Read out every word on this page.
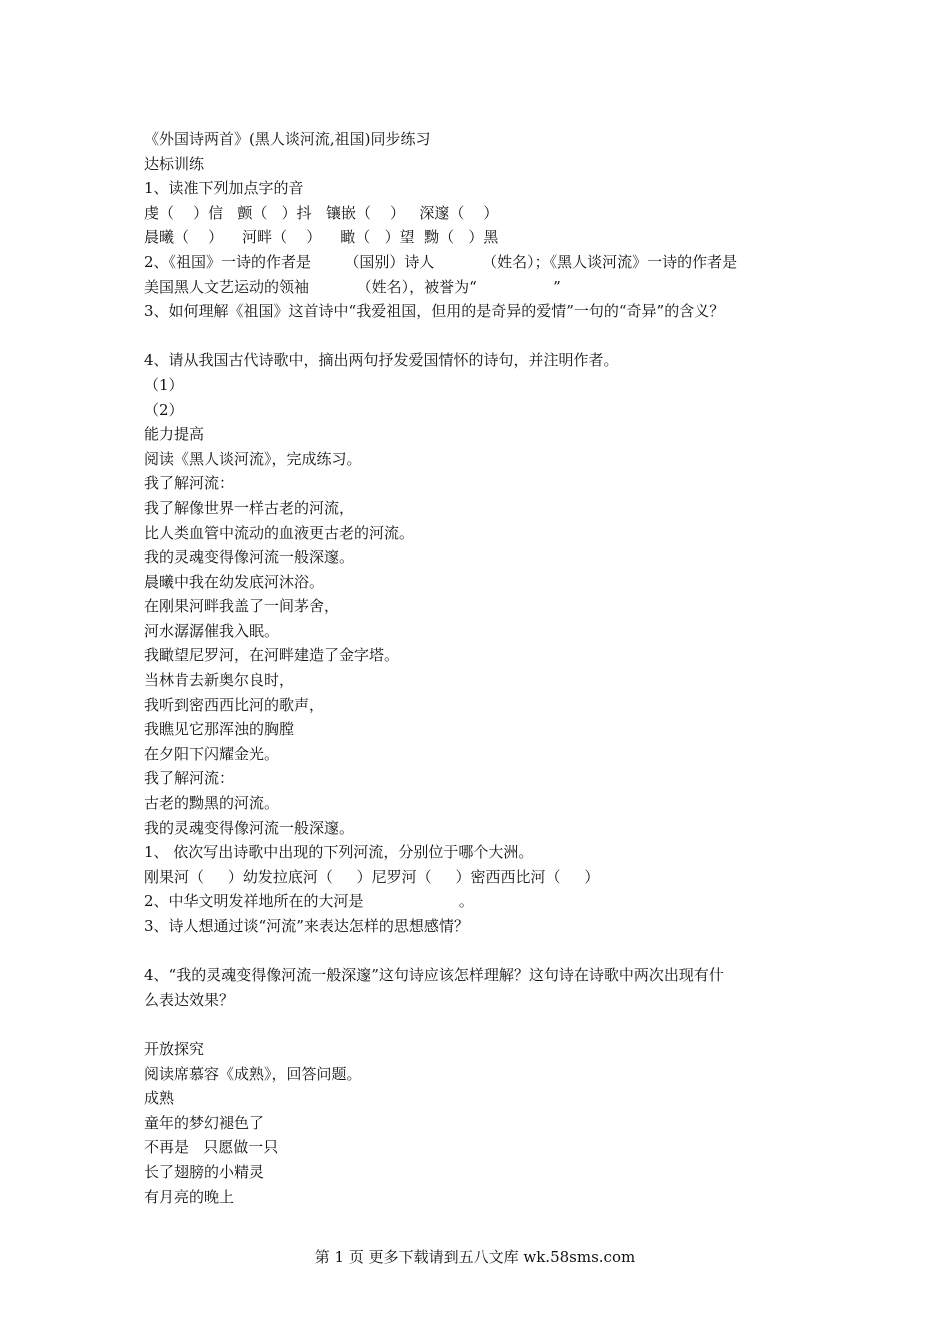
《外国诗两首》(黑人谈河流,祖国)同步练习
达标训练
1、读准下列加点字的音
虔（    ）信   颤（   ）抖   镶嵌（    ）   深邃（    ）
晨曦（    ）    河畔（    ）    瞰（   ）望  黝（   ）黑
2、《祖国》一诗的作者是       （国别）诗人          （姓名）；《黑人谈河流》一诗的作者是
美国黑人文艺运动的领袖          （姓名），被誉为“                ”
3、如何理解《祖国》这首诗中“我爱祖国，但用的是奇异的爱情”一句的“奇异”的含义？
4、请从我国古代诗歌中，摘出两句抒发爱国情怀的诗句，并注明作者。
（1）
（2）
能力提高
阅读《黑人谈河流》，完成练习。
我了解河流：
我了解像世界一样古老的河流，
比人类血管中流动的血液更古老的河流。
我的灵魂变得像河流一般深邃。
晨曦中我在幼发底河沐浴。
在刚果河畔我盖了一间茅舍，
河水潺潺催我入眠。
我瞰望尼罗河，在河畔建造了金字塔。
当林肯去新奥尔良时，
我听到密西西比河的歌声，
我瞧见它那浑浊的胸膛
在夕阳下闪耀金光。
我了解河流：
古老的黝黑的河流。
我的灵魂变得像河流一般深邃。
1、 依次写出诗歌中出现的下列河流，分别位于哪个大洲。
刚果河（     ）幼发拉底河（     ）尼罗河（     ）密西西比河（     ）
2、中华文明发祥地所在的大河是                    。
3、诗人想通过谈“河流”来表达怎样的思想感情？
4、“我的灵魂变得像河流一般深邃”这句诗应该怎样理解？这句诗在诗歌中两次出现有什
么表达效果？
开放探究
阅读席慕容《成熟》，回答问题。
成熟
童年的梦幻褪色了
不再是   只愿做一只
长了翅膀的小精灵
有月亮的晚上
第 1 页 更多下载请到五八文库 wk.58sms.com
